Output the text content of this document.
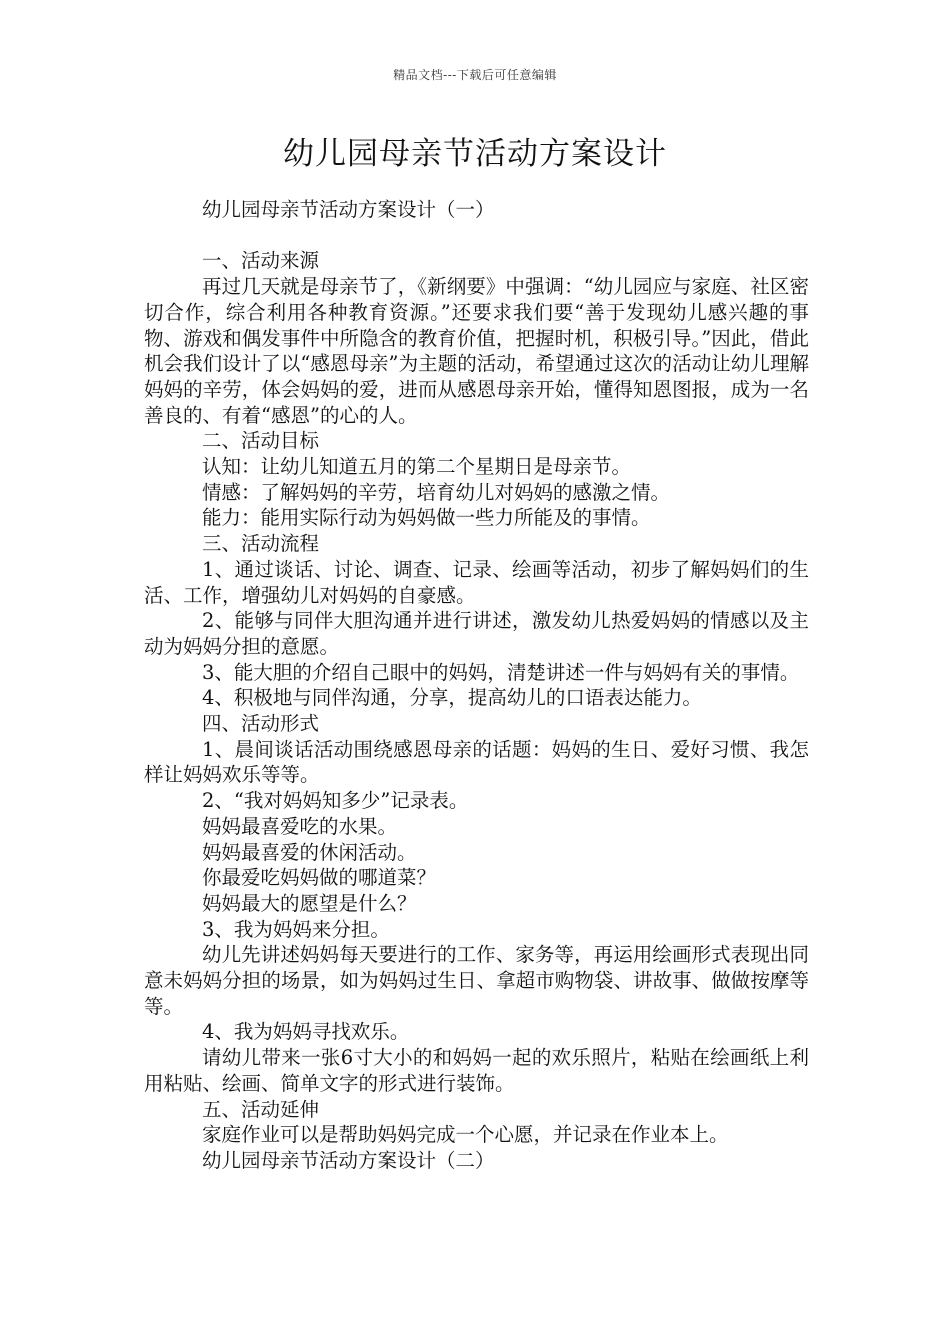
精品文档---下载后可任意编辑
幼儿园母亲节活动方案设计

幼儿园母亲节活动方案设计（一）

一、活动来源

再过几天就是母亲节了，《新纲要》中强调：“幼儿园应与家庭、社区密切合作，综合利用各种教育资源。”还要求我们要“善于发现幼儿感兴趣的事物、游戏和偶发事件中所隐含的教育价值，把握时机，积极引导。”因此，借此机会我们设计了以“感恩母亲”为主题的活动，希望通过这次的活动让幼儿理解妈妈的辛劳，体会妈妈的爱，进而从感恩母亲开始，懂得知恩图报，成为一名善良的、有着“感恩”的心的人。

二、活动目标

认知：让幼儿知道五月的第二个星期日是母亲节。

情感：了解妈妈的辛劳，培育幼儿对妈妈的感激之情。

能力：能用实际行动为妈妈做一些力所能及的事情。

三、活动流程

1、通过谈话、讨论、调查、记录、绘画等活动，初步了解妈妈们的生活、工作，增强幼儿对妈妈的自豪感。

2、能够与同伴大胆沟通并进行讲述，激发幼儿热爱妈妈的情感以及主动为妈妈分担的意愿。

3、能大胆的介绍自己眼中的妈妈，清楚讲述一件与妈妈有关的事情。

4、积极地与同伴沟通，分享，提高幼儿的口语表达能力。

四、活动形式

1、晨间谈话活动围绕感恩母亲的话题：妈妈的生日、爱好习惯、我怎样让妈妈欢乐等等。

2、“我对妈妈知多少”记录表。

妈妈最喜爱吃的水果。

妈妈最喜爱的休闲活动。

你最爱吃妈妈做的哪道菜？

妈妈最大的愿望是什么？

3、我为妈妈来分担。

幼儿先讲述妈妈每天要进行的工作、家务等，再运用绘画形式表现出同意未妈妈分担的场景，如为妈妈过生日、拿超市购物袋、讲故事、做做按摩等等。

4、我为妈妈寻找欢乐。

请幼儿带来一张6寸大小的和妈妈一起的欢乐照片，粘贴在绘画纸上利用粘贴、绘画、简单文字的形式进行装饰。

五、活动延伸

家庭作业可以是帮助妈妈完成一个心愿，并记录在作业本上。

幼儿园母亲节活动方案设计（二）
